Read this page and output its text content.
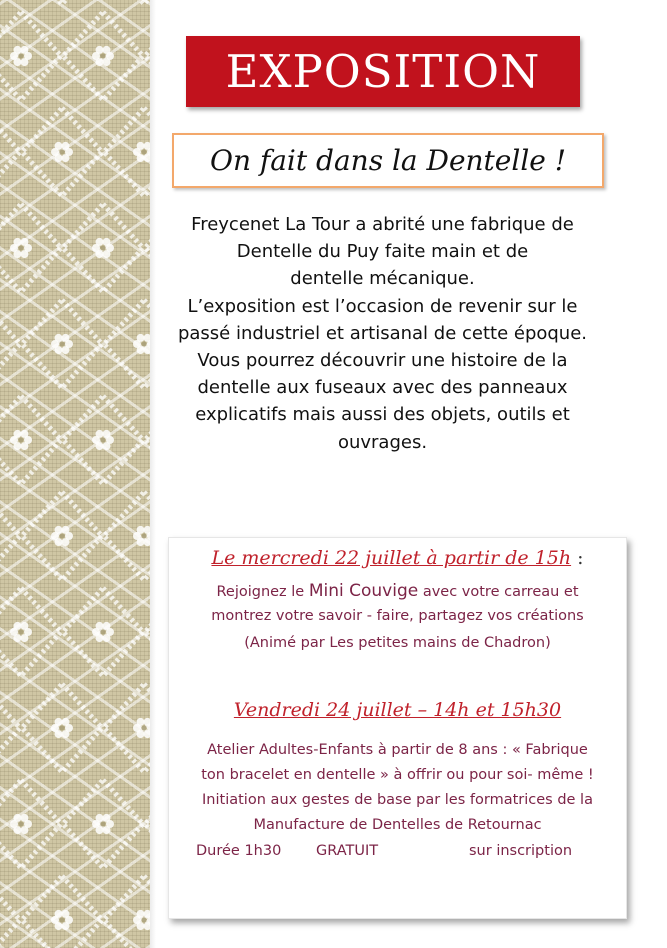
EXPOSITION
On fait dans la Dentelle !
Freycenet La Tour a abrité une fabrique de
Dentelle du Puy faite main et de
dentelle mécanique.
L’exposition est l’occasion de revenir sur le
passé industriel et artisanal de cette époque.
Vous pourrez découvrir une histoire de la
dentelle aux fuseaux avec des panneaux
explicatifs mais aussi des objets, outils et
ouvrages.
Le mercredi 22 juillet à partir de 15h :
Rejoignez le Mini Couvige avec votre carreau et
montrez votre savoir - faire, partagez vos créations
(Animé par Les petites mains de Chadron)
Vendredi 24 juillet – 14h et 15h30
Atelier Adultes-Enfants à partir de 8 ans : « Fabrique
ton bracelet en dentelle » à offrir ou pour soi- même !
Initiation aux gestes de base par les formatrices de la
Manufacture de Dentelles de Retournac
Durée 1h30 GRATUIT	sur inscription
